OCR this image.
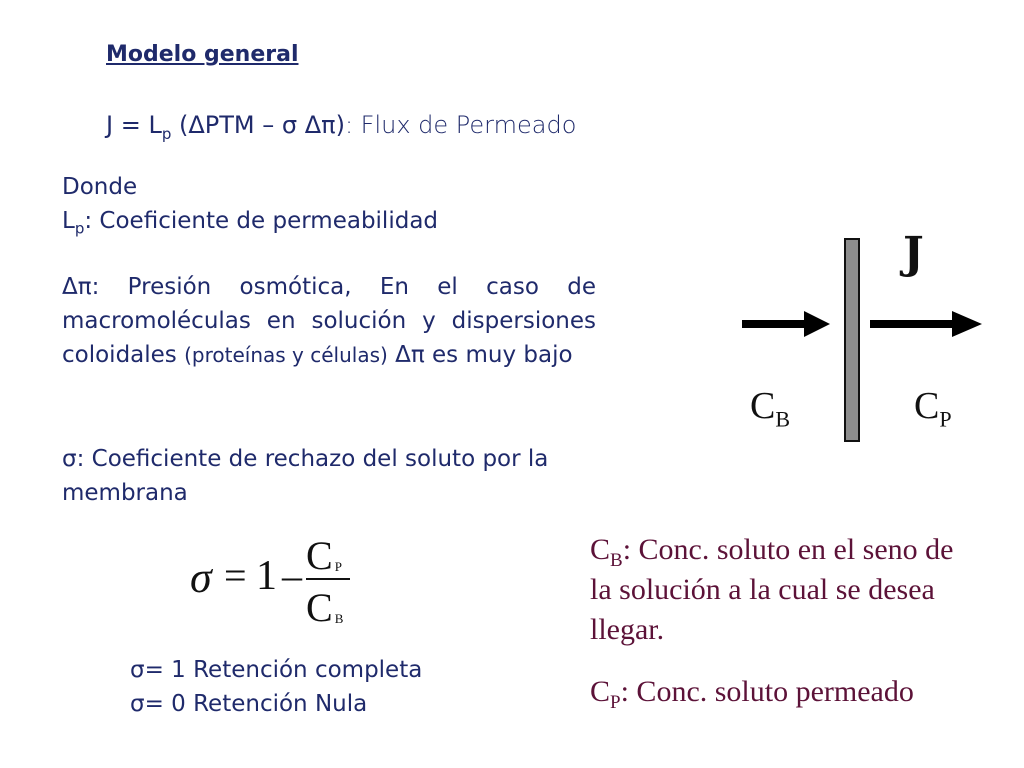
Modelo general
$J = L_p$ (ΔPTM – σ Δπ): Flux de Permeado
Donde
$L_p$: Coeficiente de permeabilidad
Δπ: Presión osmótica, En el caso de macromoléculas en solución y dispersiones coloidales (proteínas y células) Δπ es muy bajo
σ: Coeficiente de rechazo del soluto por la membrana
J
$C_B$	$C_P$
σ = 1 – C P
C B
σ= 1 Retención completa
σ= 0 Retención Nula
$C_B$: Conc. soluto en el seno de la solución a la cual se desea llegar.
$C_P$: Conc. soluto permeado
